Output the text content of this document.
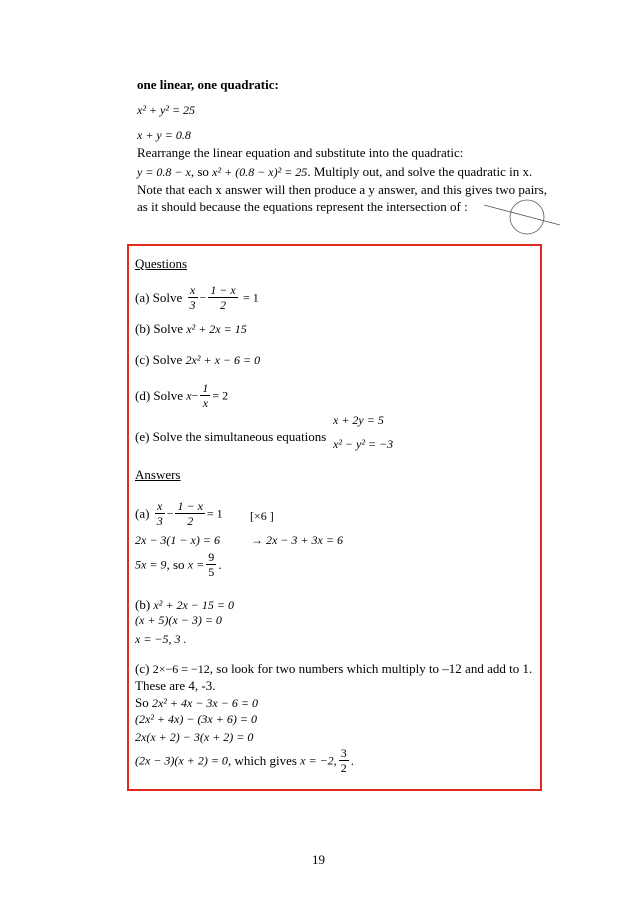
one linear, one quadratic:
x² + y² = 25
x + y = 0.8
Rearrange the linear equation and substitute into the quadratic:
y = 0.8 − x, so x² + (0.8 − x)² = 25. Multiply out, and solve the quadratic in x.
Note that each x answer will then produce a y answer, and this gives two pairs,
as it should because the equations represent the intersection of :
Questions
(a) Solve $\frac{x}{3} - \frac{1 - x}{2} = 1$
(b) Solve x² + 2x = 15
(c) Solve 2x² + x − 6 = 0
(d) Solve $x- \frac{1}{x} = 2$
(e) Solve the simultaneous equations
x + 2y = 5
x² − y² = −3
Answers
$(a) \frac{x}{3} - \frac{1 - x}{2} = 1$ [×6 ]
2x − 3(1 − x) = 6	→ 2x − 3 + 3x = 6
5x = 9, so $x = \frac{9}{5}$ .
(b) x² + 2x − 15 = 0
(x + 5)(x − 3) = 0
x = −5, 3 .
(c) 2×−6 = −12, so look for two numbers which multiply to –12 and add to 1.
These are 4, -3.
So 2x² + 4x − 3x − 6 = 0
(2x² + 4x) − (3x + 6) = 0
2x(x + 2) − 3(x + 2) = 0
(2x − 3)(x + 2) = 0, which gives x = −2, $\frac{3}{2}$ .
19
